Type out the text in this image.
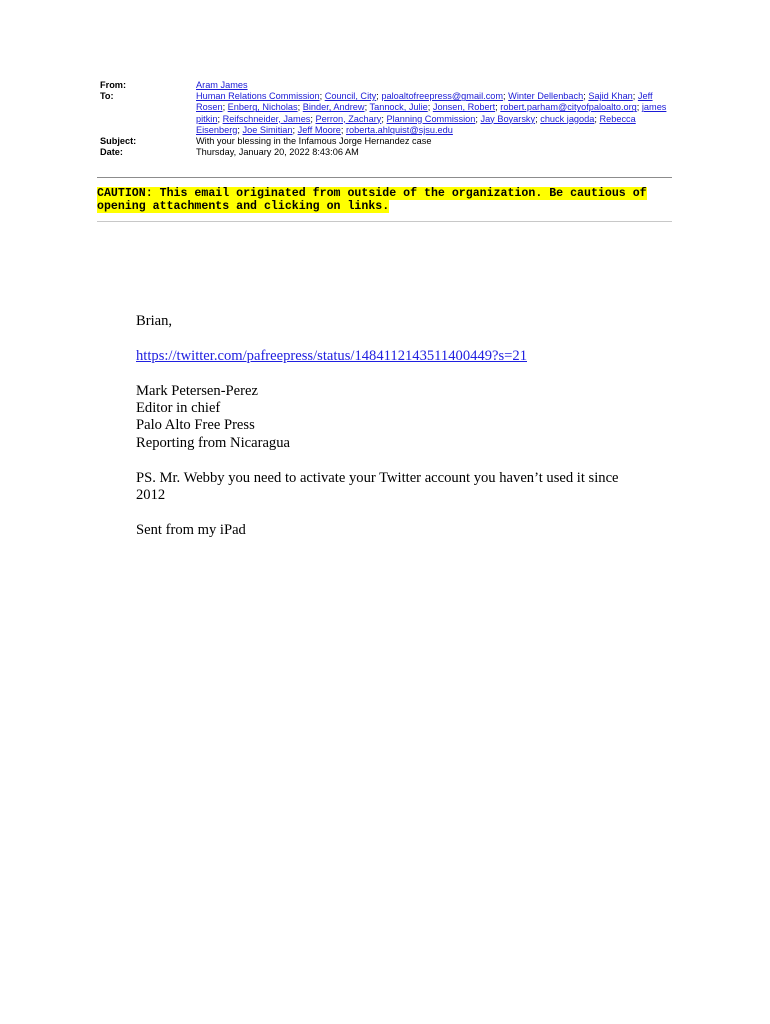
From:	Aram James
To:	Human Relations Commission; Council, City; paloaltofreepress@gmail.com; Winter Dellenbach; Sajid Khan; Jeff Rosen; Enberg, Nicholas; Binder, Andrew; Tannock, Julie; Jonsen, Robert; robert.parham@cityofpaloalto.org; james pitkin; Reifschneider, James; Perron, Zachary; Planning Commission; Jay Boyarsky; chuck jagoda; Rebecca Eisenberg; Joe Simitian; Jeff Moore; roberta.ahlquist@sjsu.edu
Subject:	With your blessing in the Infamous Jorge Hernandez case
Date:	Thursday, January 20, 2022 8:43:06 AM
CAUTION: This email originated from outside of the organization. Be cautious of opening attachments and clicking on links.

Brian,

https://twitter.com/pafreepress/status/1484112143511400449?s=21

Mark Petersen-Perez
Editor in chief
Palo Alto Free Press
Reporting from Nicaragua

PS. Mr. Webby you need to activate your Twitter account you haven’t used it since 2012

Sent from my iPad
